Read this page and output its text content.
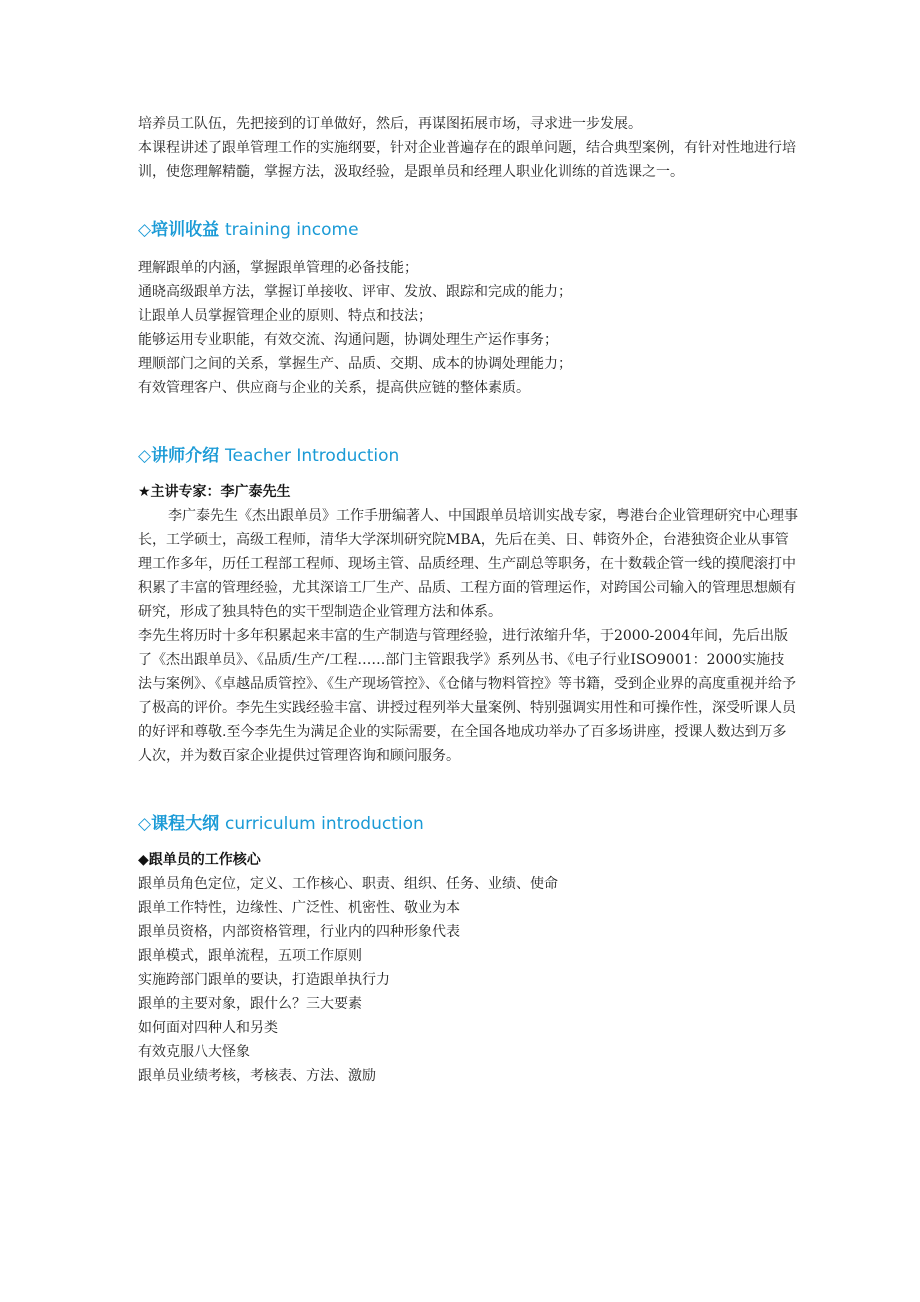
培养员工队伍，先把接到的订单做好，然后，再谋图拓展市场，寻求进一步发展。

本课程讲述了跟单管理工作的实施纲要，针对企业普遍存在的跟单问题，结合典型案例，有针对性地进行培训，使您理解精髓，掌握方法，汲取经验，是跟单员和经理人职业化训练的首选课之一。

◇培训收益 training income

理解跟单的内涵，掌握跟单管理的必备技能；

通晓高级跟单方法，掌握订单接收、评审、发放、跟踪和完成的能力；

让跟单人员掌握管理企业的原则、特点和技法；

能够运用专业职能，有效交流、沟通问题，协调处理生产运作事务；

理顺部门之间的关系，掌握生产、品质、交期、成本的协调处理能力；

有效管理客户、供应商与企业的关系，提高供应链的整体素质。

◇讲师介绍 Teacher Introduction

★主讲专家：李广泰先生

李广泰先生《杰出跟单员》工作手册编著人、中国跟单员培训实战专家，粤港台企业管理研究中心理事长，工学硕士，高级工程师，清华大学深圳研究院MBA，先后在美、日、韩资外企，台港独资企业从事管理工作多年，历任工程部工程师、现场主管、品质经理、生产副总等职务，在十数载企管一线的摸爬滚打中积累了丰富的管理经验，尤其深谙工厂生产、品质、工程方面的管理运作，对跨国公司输入的管理思想颇有研究，形成了独具特色的实干型制造企业管理方法和体系。

李先生将历时十多年积累起来丰富的生产制造与管理经验，进行浓缩升华，于2000-2004年间，先后出版了《杰出跟单员》、《品质/生产/工程……部门主管跟我学》系列丛书、《电子行业ISO9001：2000实施技法与案例》、《卓越品质管控》、《生产现场管控》、《仓储与物料管控》等书籍，受到企业界的高度重视并给予了极高的评价。李先生实践经验丰富、讲授过程列举大量案例、特别强调实用性和可操作性，深受听课人员的好评和尊敬.至今李先生为满足企业的实际需要，在全国各地成功举办了百多场讲座，授课人数达到万多人次，并为数百家企业提供过管理咨询和顾问服务。

◇课程大纲 curriculum introduction

◆跟单员的工作核心

跟单员角色定位，定义、工作核心、职责、组织、任务、业绩、使命

跟单工作特性，边缘性、广泛性、机密性、敬业为本

跟单员资格，内部资格管理，行业内的四种形象代表

跟单模式，跟单流程，五项工作原则

实施跨部门跟单的要诀，打造跟单执行力

跟单的主要对象，跟什么？三大要素

如何面对四种人和另类

有效克服八大怪象

跟单员业绩考核，考核表、方法、激励
